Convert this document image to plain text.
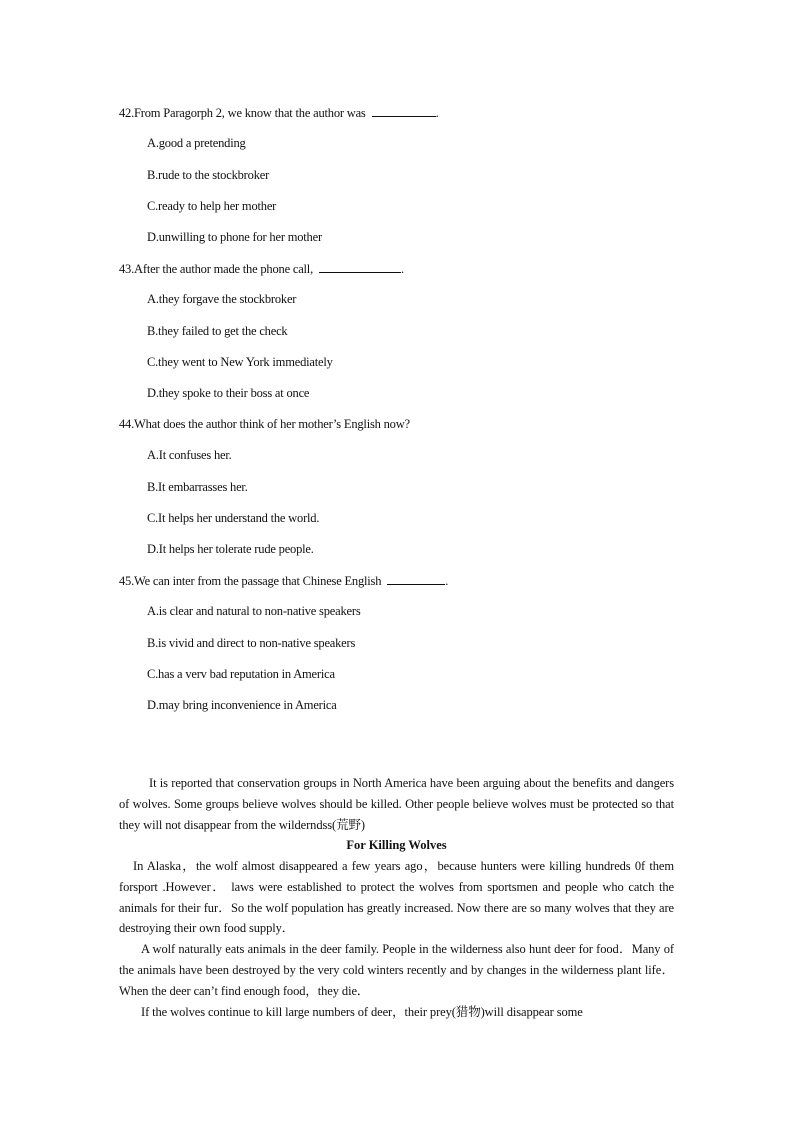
42.From Paragorph 2, we know that the author was	.
A.good a pretending
B.rude to the stockbroker
C.ready to help her mother
D.unwilling to phone for her mother
43.After the author made the phone call,	.
A.they forgave the stockbroker
B.they failed to get the check
C.they went to New York immediately
D.they spoke to their boss at once
44.What does the author think of her mother’s English now?
A.It confuses her.
B.It embarrasses her.
C.It helps her understand the world.
D.It helps her tolerate rude people.
45.We can inter from the passage that Chinese English	.
A.is clear and natural to non-native speakers
B.is vivid and direct to non-native speakers
C.has a verv bad reputation in America
D.may bring inconvenience in America

It is reported that conservation groups in North America have been arguing about the benefits and dangers of wolves. Some groups believe wolves should be killed. Other people believe wolves must be protected so that they will not disappear from the wilderndss(荒野)

For Killing Wolves

In Alaska，the wolf almost disappeared a few years ago，because hunters were killing hundreds 0f them forsport .However． laws were established to protect the wolves from sportsmen and people who catch the animals for their fur．So the wolf population has greatly increased. Now there are so many wolves that they are destroying their own food supply．

A wolf naturally eats animals in the deer family. People in the wilderness also hunt deer for food．Many of the animals have been destroyed by the very cold winters recently and by changes in the wilderness plant life．When the deer can’t find enough food，they die．

If the wolves continue to kill large numbers of deer，their prey(猎物)will disappear some
